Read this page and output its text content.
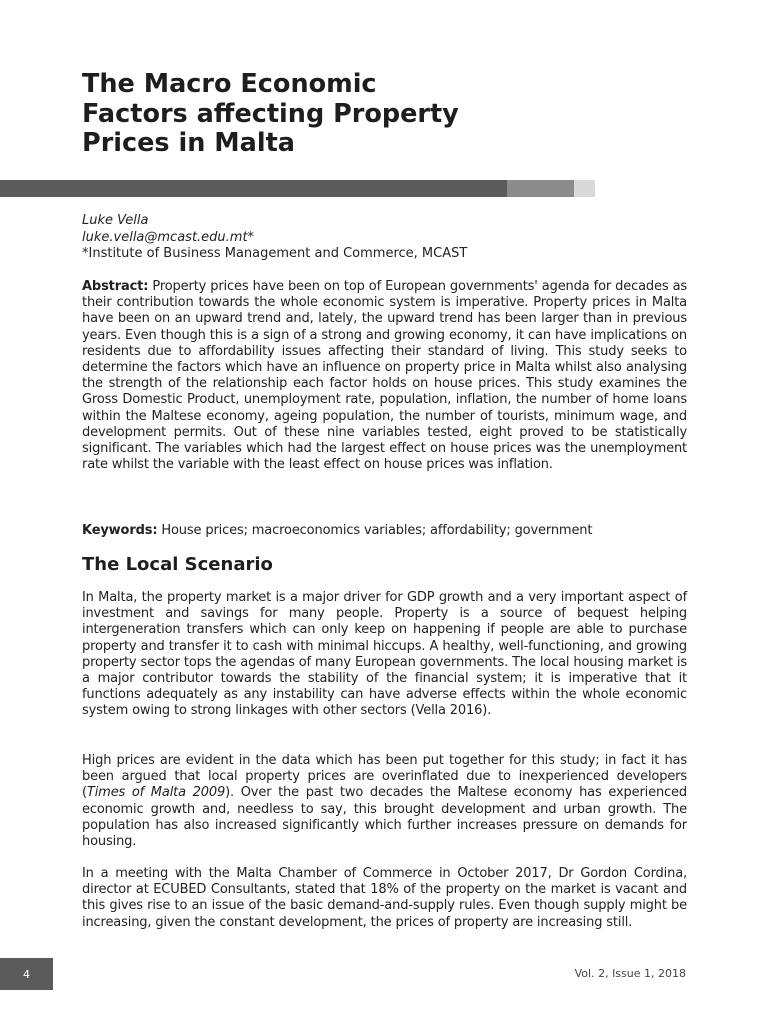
The Macro Economic
Factors affecting Property
Prices in Malta
Luke Vella
luke.vella@mcast.edu.mt*
*Institute of Business Management and Commerce, MCAST

Abstract: Property prices have been on top of European governments' agenda for decades as their contribution towards the whole economic system is imperative. Property prices in Malta have been on an upward trend and, lately, the upward trend has been larger than in previous years. Even though this is a sign of a strong and growing economy, it can have implications on residents due to affordability issues affecting their standard of living. This study seeks to determine the factors which have an influence on property price in Malta whilst also analysing the strength of the relationship each factor holds on house prices. This study examines the Gross Domestic Product, unemployment rate, population, inflation, the number of home loans within the Maltese economy, ageing population, the number of tourists, minimum wage, and development permits. Out of these nine variables tested, eight proved to be statistically significant. The variables which had the largest effect on house prices was the unemployment rate whilst the variable with the least effect on house prices was inflation.

Keywords: House prices; macroeconomics variables; affordability; government

The Local Scenario

In Malta, the property market is a major driver for GDP growth and a very important aspect of investment and savings for many people. Property is a source of bequest helping intergeneration transfers which can only keep on happening if people are able to purchase property and transfer it to cash with minimal hiccups. A healthy, well-functioning, and growing property sector tops the agendas of many European governments. The local housing market is a major contributor towards the stability of the financial system; it is imperative that it functions adequately as any instability can have adverse effects within the whole economic system owing to strong linkages with other sectors (Vella 2016).

High prices are evident in the data which has been put together for this study; in fact it has been argued that local property prices are overinflated due to inexperienced developers (Times of Malta 2009). Over the past two decades the Maltese economy has experienced economic growth and, needless to say, this brought development and urban growth. The population has also increased significantly which further increases pressure on demands for housing.

In a meeting with the Malta Chamber of Commerce in October 2017, Dr Gordon Cordina, director at ECUBED Consultants, stated that 18% of the property on the market is vacant and this gives rise to an issue of the basic demand-and-supply rules. Even though supply might be increasing, given the constant development, the prices of property are increasing still.

4	Vol. 2, Issue 1, 2018
